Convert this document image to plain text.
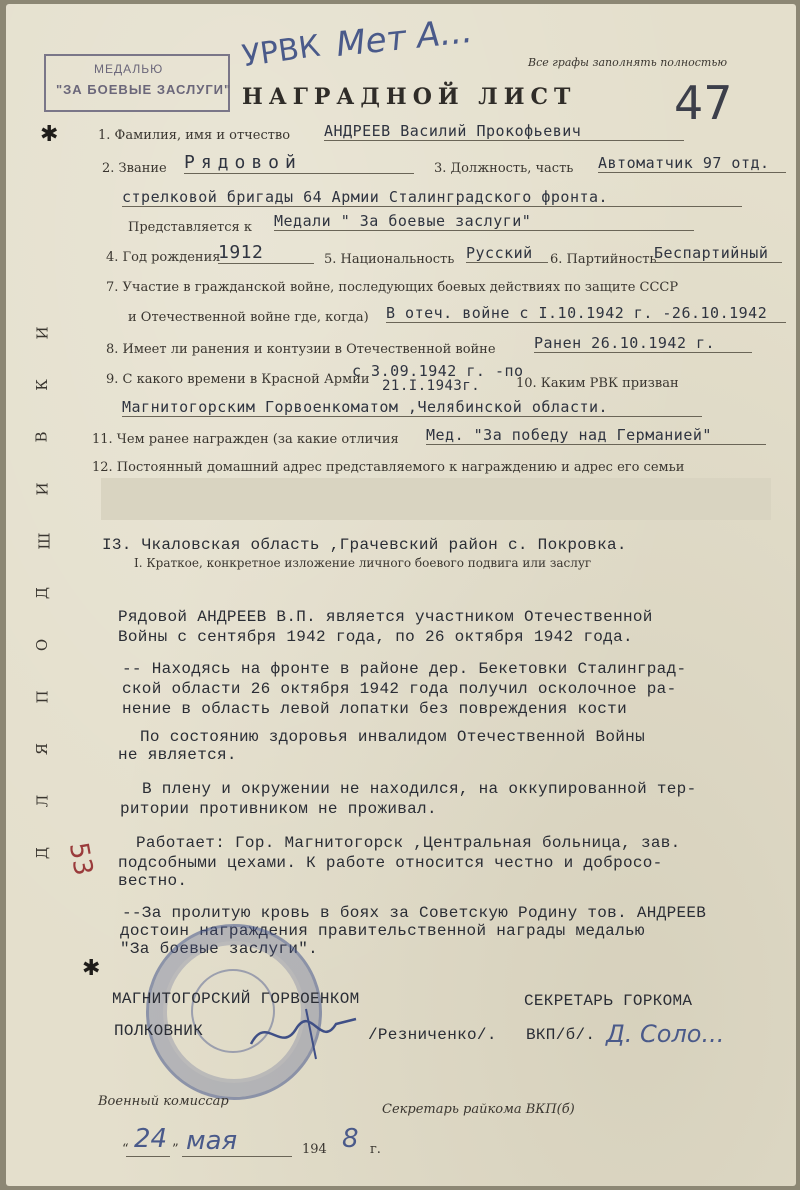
МЕДАЛЬЮ
"ЗА БОЕВЫЕ ЗАСЛУГИ"
УРВК Мет А...	Все графы заполнять полностью
47
НАГРАДНОЙ ЛИСТ
✱
✱
1. Фамилия, имя и отчество АНДРЕЕВ Василий Прокофьевич
2. Звание Рядовой	3. Должность, часть Автоматчик 97 отд.
стрелковой бригады 64 Армии Сталинградского фронта.
Представляется к Медали " За боевые заслуги"
4. Год рождения
1912	5. Национальность Русский	6. Партийность
Беспартийный
7. Участие в гражданской войне, последующих боевых действиях по защите СССР
и Отечественной войне где, когда) В отеч. войне с I.10.1942 г. -26.10.1942
8. Имеет ли ранения и контузии в Отечественной войне	Ранен 26.10.1942 г.
9. С какого времени в Красной Армии
с 3.09.1942 г. -по
21.I.1943г.	10. Каким РВК призван
Магнитогорским Горвоенкоматом ,Челябинской области.
11. Чем ранее награжден (за какие отличия Мед. "За победу над Германией"
12. Постоянный домашний адрес представляемого к награждению и адрес его семьи
I3. Чкаловская область ,Грачевский район с. Покровка.
I. Краткое, конкретное изложение личного боевого подвига или заслуг
Рядовой АНДРЕЕВ В.П. является участником Отечественной
Войны с сентября 1942 года, по 26 октября 1942 года.
-- Находясь на фронте в районе дер. Бекетовки Сталинград-
ской области 26 октября 1942 года получил осколочное ра-
нение в область левой лопатки без повреждения кости
По состоянию здоровья инвалидом Отечественной Войны
не является.
В плену и окружении не находился, на оккупированной тер-
ритории противником не проживал.
Работает: Гор. Магнитогорск ,Центральная больница, зав.
подсобными цехами. К работе относится честно и добросо-
вестно.
--За пролитую кровь в боях за Советскую Родину тов. АНДРЕЕВ
достоин награждения правительственной награды медалью
"За боевые заслуги".
МАГНИТОГОРСКИЙ ГОРВОЕНКОМ
ПОЛКОВНИК	/Резниченко/.
СЕКРЕТАРЬ ГОРКОМА
ВКП/б/. Д. Соло...
Военный комиссар
Секретарь райкома ВКП(б)
“ 24 ” мая	194 8 г.
И
К
В
И
Ш
Д
О
П
Я
Л
Д 53
